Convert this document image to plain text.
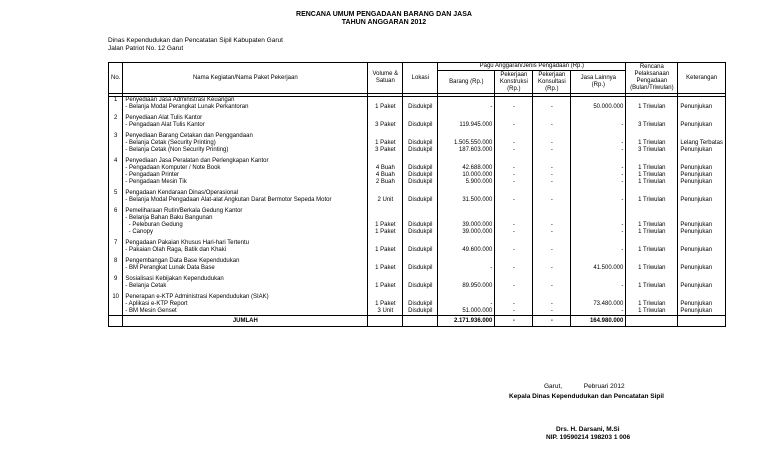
RENCANA UMUM PENGADAAN BARANG DAN JASA
TAHUN ANGGARAN 2012
Dinas Kependudukan dan Pencatatan Sipil Kabupaten Garut
Jalan Patriot No. 12 Garut
No.	Nama Kegiatan/Nama Paket Pekerjaan	Volume & Satuan	Lokasi	Pagu Anggaran/Jenis Pengadaan (Rp.)				Rencana Pelaksanaan Pengadaan (Bulan/Triwulan)	Keterangan
				Barang (Rp.)	Pekerjaan Konstruksi (Rp.)	Pekerjaan Konsultasi (Rp.)	Jasa Lainnya (Rp.)		

1	Penyediaan Jasa Administrasi Keuangan								
	- Belanja Modal Perangkat Lunak Perkantoran	1 Paket	Disdukpil	-	-	-	50.000.000	1 Triwulan	Penunjukan

2	Penyediaan Alat Tulis Kantor								
	- Pengadaan Alat Tulis Kantor	3 Paket	Disdukpil	119.945.000	-	-	-	3 Triwulan	Penunjukan

3	Penyediaan Barang Cetakan dan Penggandaan								
	- Belanja Cetak (Security Printing)	1 Paket	Disdukpil	1.505.550.000	-	-	-	1 Triwulan	Lelang Terbatas
	- Belanja Cetak (Non Security Printing)	3 Paket	Disdukpil	187.603.000	-	-	-	3 Triwulan	Penunjukan

4	Penyediaan Jasa Peralatan dan Perlengkapan Kantor								
	- Pengadaan Komputer / Note Book	4 Buah	Disdukpil	42.688.000	-	-	-	1 Triwulan	Penunjukan
	- Pengadaan Printer	4 Buah	Disdukpil	10.000.000	-	-	-	1 Triwulan	Penunjukan
	- Pengadaan Mesin Tik	2 Buah	Disdukpil	5.900.000	-	-	-	1 Triwulan	Penunjukan

5	Pengadaan Kendaraan Dinas/Operasional								
	- Belanja Modal Pengadaan Alat-alat Angkutan Darat Bermotor Sepeda Motor	2 Unit	Disdukpil	31.500.000	-	-	-	1 Triwulan	Penunjukan

6	Pemeliharaan Rutin/Berkala Gedung Kantor								
	- Belanja Bahan Baku Bangunan								
	- Peleburan Gedung	1 Paket	Disdukpil	39.000.000	-	-	-	1 Triwulan	Penunjukan
	- Canopy	1 Paket	Disdukpil	39.000.000	-	-	-	1 Triwulan	Penunjukan

7	Pengadaan Pakaian Khusus Hari-hari Tertentu								
	- Pakaian Olah Raga, Batik dan Khaki	1 Paket	Disdukpil	49.600.000	-	-	-	1 Triwulan	Penunjukan

8	Pengembangan Data Base Kependudukan								
	- BM Perangkat Lunak Data Base	1 Paket	Disdukpil	-	-	-	41.500.000	1 Triwulan	Penunjukan

9	Sosialisasi Kebijakan Kependudukan								
	- Belanja Cetak	1 Paket	Disdukpil	89.950.000	-	-	-	1 Triwulan	Penunjukan

10	Penerapan e-KTP Administrasi Kependudukan (SIAK)								
	- Aplikasi e-KTP Report	1 Paket	Disdukpil	-	-	-	73.480.000	1 Triwulan	Penunjukan
	- BM Mesin Genset	3 Unit	Disdukpil	51.000.000	-	-	-	1 Triwulan	Penunjukan
	JUMLAH			2.171.936.000	-	-	164.980.000		
Garut,            Pebruari 2012
Kepala Dinas Kependudukan dan Pencatatan Sipil
Drs. H. Darsani, M.Si
NIP. 19590214 198203 1 006
